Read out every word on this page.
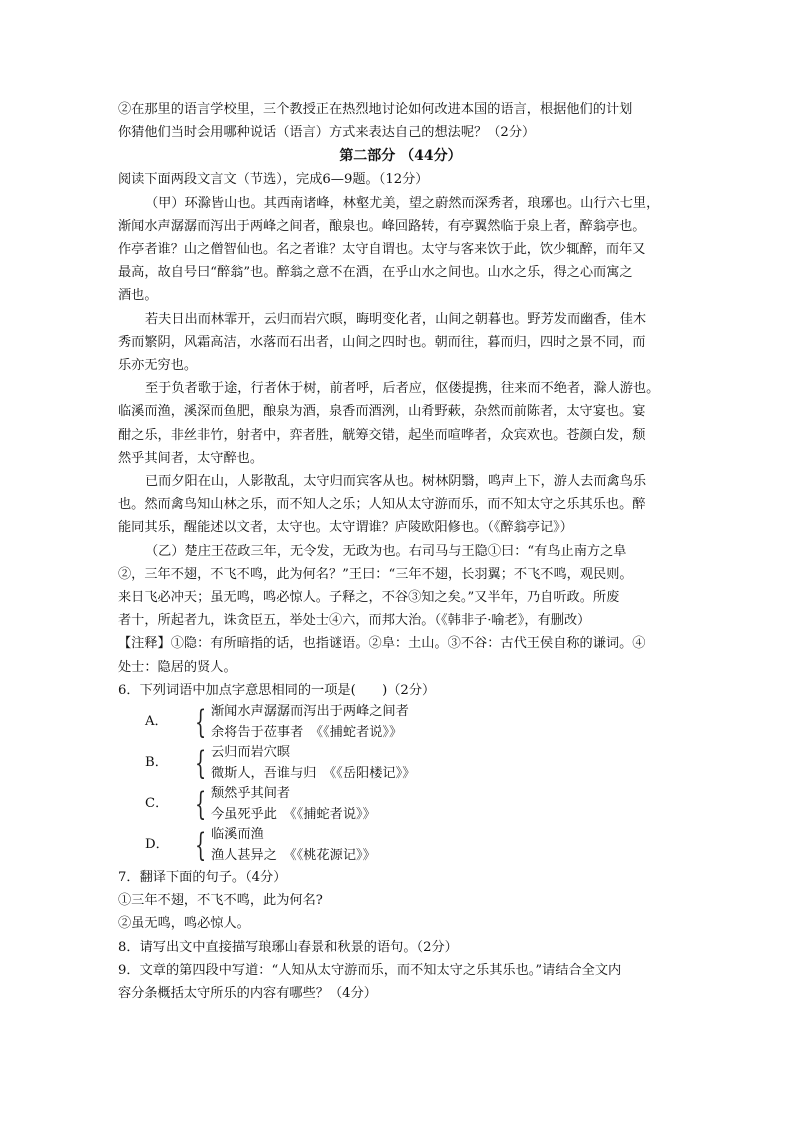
②在那里的语言学校里，三个教授正在热烈地讨论如何改进本国的语言，根据他们的计划

你猜他们当时会用哪种说话（语言）方式来表达自己的想法呢？（2分）

第二部分 （44分）

阅读下面两段文言文（节选），完成6—9题。（12分）

（甲）环滁皆山也。其西南诸峰，林壑尤美，望之蔚然而深秀者，琅琊也。山行六七里，

渐闻水声潺潺而泻出于两峰之间者，酿泉也。峰回路转，有亭翼然临于泉上者，醉翁亭也。

作亭者谁？山之僧智仙也。名之者谁？太守自谓也。太守与客来饮于此，饮少辄醉，而年又

最高，故自号曰“醉翁”也。醉翁之意不在酒，在乎山水之间也。山水之乐，得之心而寓之

酒也。

若夫日出而林霏开，云归而岩穴暝，晦明变化者，山间之朝暮也。野芳发而幽香，佳木

秀而繁阴，风霜高洁，水落而石出者，山间之四时也。朝而往，暮而归，四时之景不同，而

乐亦无穷也。

至于负者歌于途，行者休于树，前者呼，后者应，伛偻提携，往来而不绝者，滁人游也。

临溪而渔，溪深而鱼肥，酿泉为酒，泉香而酒洌，山肴野蔌，杂然而前陈者，太守宴也。宴

酣之乐，非丝非竹，射者中，弈者胜，觥筹交错，起坐而喧哗者，众宾欢也。苍颜白发，颓

然乎其间者，太守醉也。

已而夕阳在山，人影散乱，太守归而宾客从也。树林阴翳，鸣声上下，游人去而禽鸟乐

也。然而禽鸟知山林之乐，而不知人之乐；人知从太守游而乐，而不知太守之乐其乐也。醉

能同其乐，醒能述以文者，太守也。太守谓谁？庐陵欧阳修也。（《醉翁亭记》）

（乙）楚庄王莅政三年，无令发，无政为也。右司马与王隐①曰：“有鸟止南方之阜

②，三年不翅，不飞不鸣，此为何名？”王曰：“三年不翅，长羽翼；不飞不鸣，观民则。

来日飞必冲天；虽无鸣，鸣必惊人。子释之，不谷③知之矣。”又半年，乃自听政。所废

者十，所起者九，诛贪臣五，举处士④六，而邦大治。（《韩非子·喻老》，有删改）

【注释】①隐：有所暗指的话，也指谜语。②阜：土山。③不谷：古代王侯自称的谦词。④

处士：隐居的贤人。

6．下列词语中加点字意思相同的一项是(　　)（2分）

A． { 渐闻水声潺潺而泻出于两峰之间者
余将告于莅事者　《《捕蛇者说》》
B． { 云归而岩穴暝
微斯人，吾谁与归　《《岳阳楼记》》
C． { 颓然乎其间者
今虽死乎此　《《捕蛇者说》》
D． { 临溪而渔
渔人甚异之　《《桃花源记》》

7．翻译下面的句子。（4分）

①三年不翅，不飞不鸣，此为何名?

②虽无鸣，鸣必惊人。

8．请写出文中直接描写琅琊山春景和秋景的语句。（2分）

9．文章的第四段中写道：“人知从太守游而乐，而不知太守之乐其乐也。”请结合全文内

容分条概括太守所乐的内容有哪些？（4分）
